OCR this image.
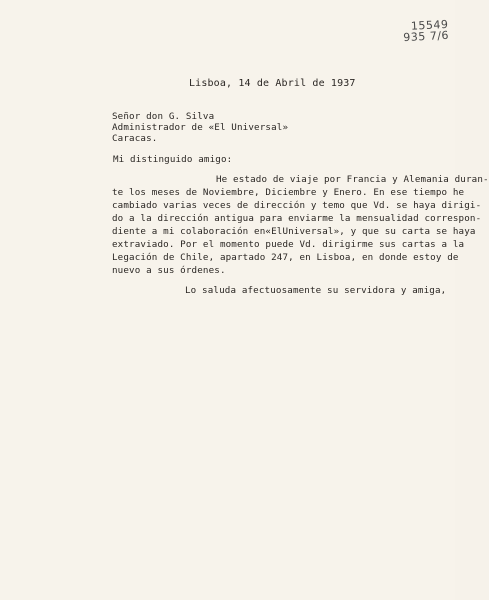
15549
935 7/6
Lisboa, 14 de Abril de 1937
Señor don G. Silva
Administrador de «El Universal»
Caracas.
Mi distinguido amigo:
He estado de viaje por Francia y Alemania duran-
te los meses de Noviembre, Diciembre y Enero. En ese tiempo he
cambiado varias veces de dirección y temo que Vd. se haya dirigi-
do a la dirección antigua para enviarme la mensualidad correspon-
diente a mi colaboración en«ElUniversal», y que su carta se haya
extraviado. Por el momento puede Vd. dirigirme sus cartas a la
Legación de Chile, apartado 247, en Lisboa, en donde estoy de
nuevo a sus órdenes.
Lo saluda afectuosamente su servidora y amiga,
